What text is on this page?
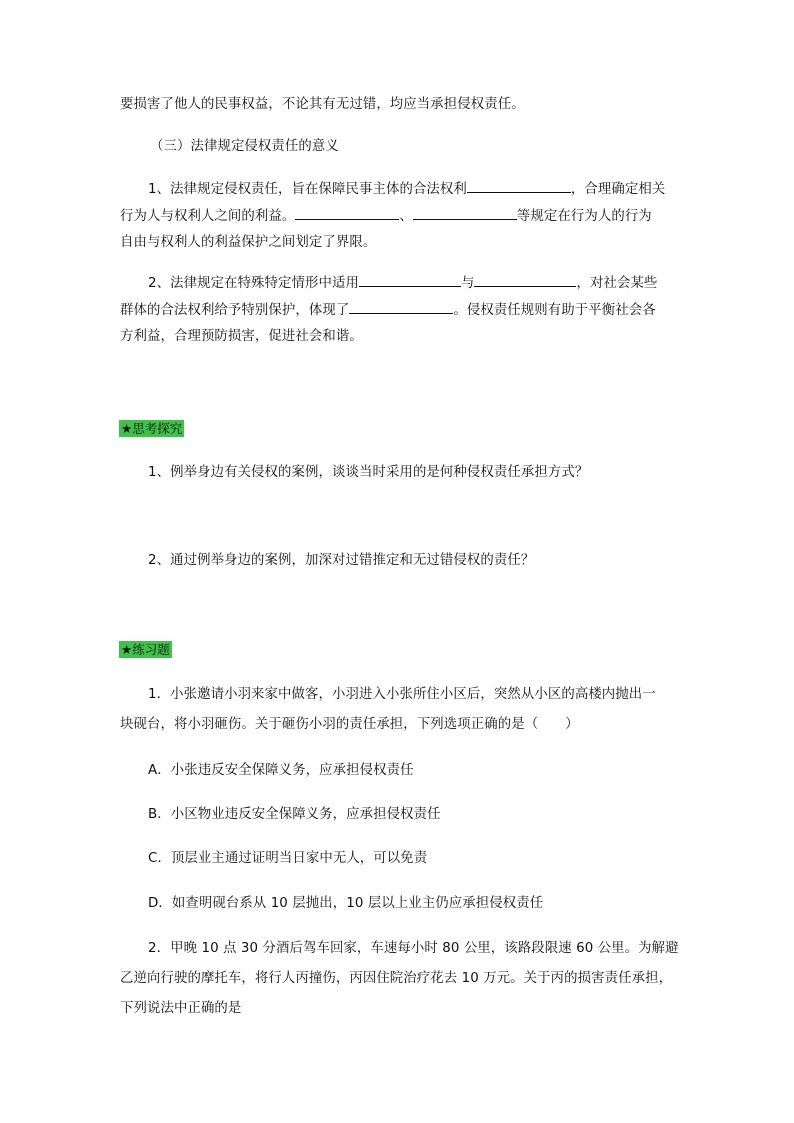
要损害了他人的民事权益，不论其有无过错，均应当承担侵权责任。
（三）法律规定侵权责任的意义
1、法律规定侵权责任，旨在保障民事主体的合法权利	，合理确定相关
行为人与权利人之间的利益。	、	等规定在行为人的行为
自由与权利人的利益保护之间划定了界限。
2、法律规定在特殊特定情形中适用	与	，对社会某些
群体的合法权利给予特别保护，体现了	。侵权责任规则有助于平衡社会各
方利益，合理预防损害，促进社会和谐。
★思考探究
1、例举身边有关侵权的案例，谈谈当时采用的是何种侵权责任承担方式？
2、通过例举身边的案例，加深对过错推定和无过错侵权的责任？
★练习题
1．小张邀请小羽来家中做客，小羽进入小张所住小区后，突然从小区的高楼内抛出一
块砚台，将小羽砸伤。关于砸伤小羽的责任承担，下列选项正确的是（　　）
A．小张违反安全保障义务，应承担侵权责任
B．小区物业违反安全保障义务，应承担侵权责任
C．顶层业主通过证明当日家中无人，可以免责
D．如查明砚台系从 10 层抛出，10 层以上业主仍应承担侵权责任
2．甲晚 10 点 30 分酒后驾车回家，车速每小时 80 公里，该路段限速 60 公里。为解避
乙逆向行驶的摩托车，将行人丙撞伤，丙因住院治疗花去 10 万元。关于丙的损害责任承担，
下列说法中正确的是
